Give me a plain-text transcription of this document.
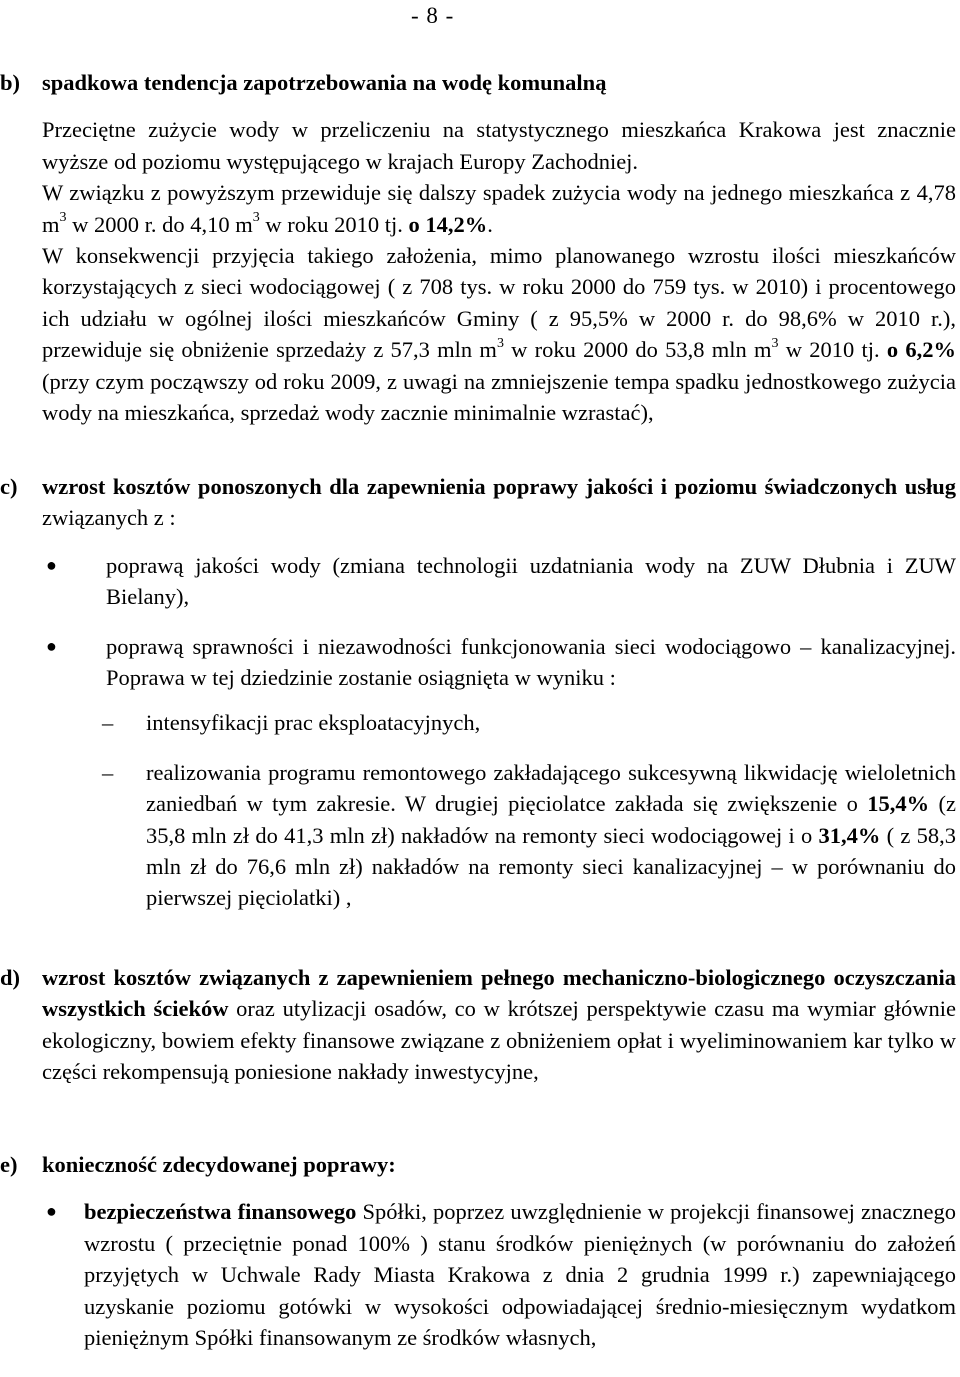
- 8 -
b) spadkowa tendencja zapotrzebowania na wodę komunalną

Przeciętne zużycie wody w przeliczeniu na statystycznego mieszkańca Krakowa jest znacznie wyższe od poziomu występującego w krajach Europy Zachodniej.

W związku z powyższym przewiduje się dalszy spadek zużycia wody na jednego mieszkańca z 4,78 $m^3$ w 2000 r. do 4,10 $m^3$ w roku 2010 tj. o 14,2%.

W konsekwencji przyjęcia takiego założenia, mimo planowanego wzrostu ilości mieszkańców korzystających z sieci wodociągowej ( z 708 tys. w roku 2000 do 759 tys. w 2010) i procentowego ich udziału w ogólnej ilości mieszkańców Gminy ( z 95,5% w 2000 r. do 98,6% w 2010 r.), przewiduje się obniżenie sprzedaży z 57,3 mln $m^3$ w roku 2000 do 53,8 mln $m^3$ w 2010 tj. o 6,2% (przy czym począwszy od roku 2009, z uwagi na zmniejszenie tempa spadku jednostkowego zużycia wody na mieszkańca, sprzedaż wody zacznie minimalnie wzrastać),

c) wzrost kosztów ponoszonych dla zapewnienia poprawy jakości i poziomu świadczonych usług związanych z :

● poprawą jakości wody (zmiana technologii uzdatniania wody na ZUW Dłubnia i ZUW Bielany),
● poprawą sprawności i niezawodności funkcjonowania sieci wodociągowo – kanalizacyjnej. Poprawa w tej dziedzinie zostanie osiągnięta w wyniku :
– intensyfikacji prac eksploatacyjnych,
– realizowania programu remontowego zakładającego sukcesywną likwidację wieloletnich zaniedbań w tym zakresie. W drugiej pięciolatce zakłada się zwiększenie o 15,4% (z 35,8 mln zł do 41,3 mln zł) nakładów na remonty sieci wodociągowej i o 31,4% ( z 58,3 mln zł do 76,6 mln zł) nakładów na remonty sieci kanalizacyjnej – w porównaniu do pierwszej pięciolatki) ,
d) wzrost kosztów związanych z zapewnieniem pełnego mechaniczno-biologicznego oczyszczania wszystkich ścieków oraz utylizacji osadów, co w krótszej perspektywie czasu ma wymiar głównie ekologiczny, bowiem efekty finansowe związane z obniżeniem opłat i wyeliminowaniem kar tylko w części rekompensują poniesione nakłady inwestycyjne,

e) konieczność zdecydowanej poprawy:

● bezpieczeństwa finansowego Spółki, poprzez uwzględnienie w projekcji finansowej znacznego wzrostu ( przeciętnie ponad 100% ) stanu środków pieniężnych (w porównaniu do założeń przyjętych w Uchwale Rady Miasta Krakowa z dnia 2 grudnia 1999 r.) zapewniającego uzyskanie poziomu gotówki w wysokości odpowiadającej średnio-miesięcznym wydatkom pieniężnym Spółki finansowanym ze środków własnych,
